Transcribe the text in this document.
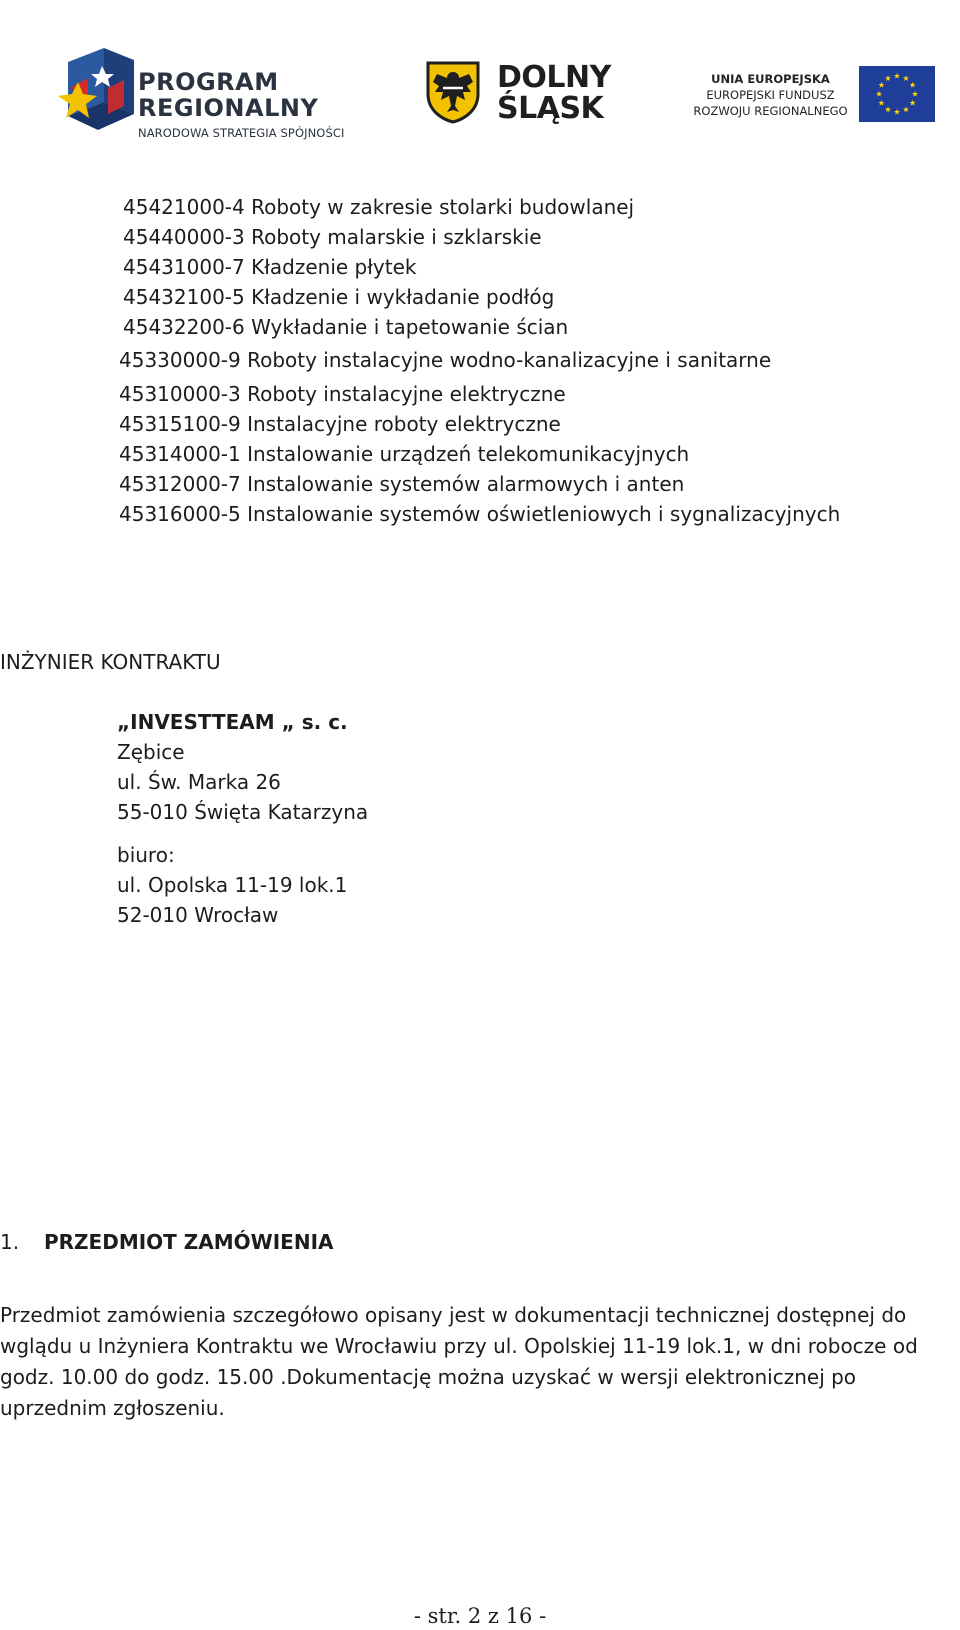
PROGRAM
REGIONALNY
NARODOWA STRATEGIA SPÓJNOŚCI
DOLNY
ŚLĄSK
UNIA EUROPEJSKA
EUROPEJSKI FUNDUSZ
ROZWOJU REGIONALNEGO
45421000-4 Roboty w zakresie stolarki budowlanej
45440000-3 Roboty malarskie i szklarskie
45431000-7 Kładzenie płytek
45432100-5 Kładzenie i wykładanie podłóg
45432200-6 Wykładanie i tapetowanie ścian
45330000-9 Roboty instalacyjne wodno-kanalizacyjne i sanitarne
45310000-3 Roboty instalacyjne elektryczne
45315100-9 Instalacyjne roboty elektryczne
45314000-1 Instalowanie urządzeń telekomunikacyjnych
45312000-7 Instalowanie systemów alarmowych i anten
45316000-5 Instalowanie systemów oświetleniowych i sygnalizacyjnych
INŻYNIER KONTRAKTU
„INVESTTEAM „ s. c.
Zębice
ul. Św. Marka 26
55-010 Święta Katarzyna
biuro:
ul. Opolska 11-19 lok.1
52-010 Wrocław
1. PRZEDMIOT ZAMÓWIENIA
Przedmiot zamówienia szczegółowo opisany jest w dokumentacji technicznej dostępnej do
wglądu u Inżyniera Kontraktu we Wrocławiu przy ul. Opolskiej 11-19 lok.1, w dni robocze od
godz. 10.00 do godz. 15.00 .Dokumentację można uzyskać w wersji elektronicznej po
uprzednim zgłoszeniu.
- str. 2 z 16 -
